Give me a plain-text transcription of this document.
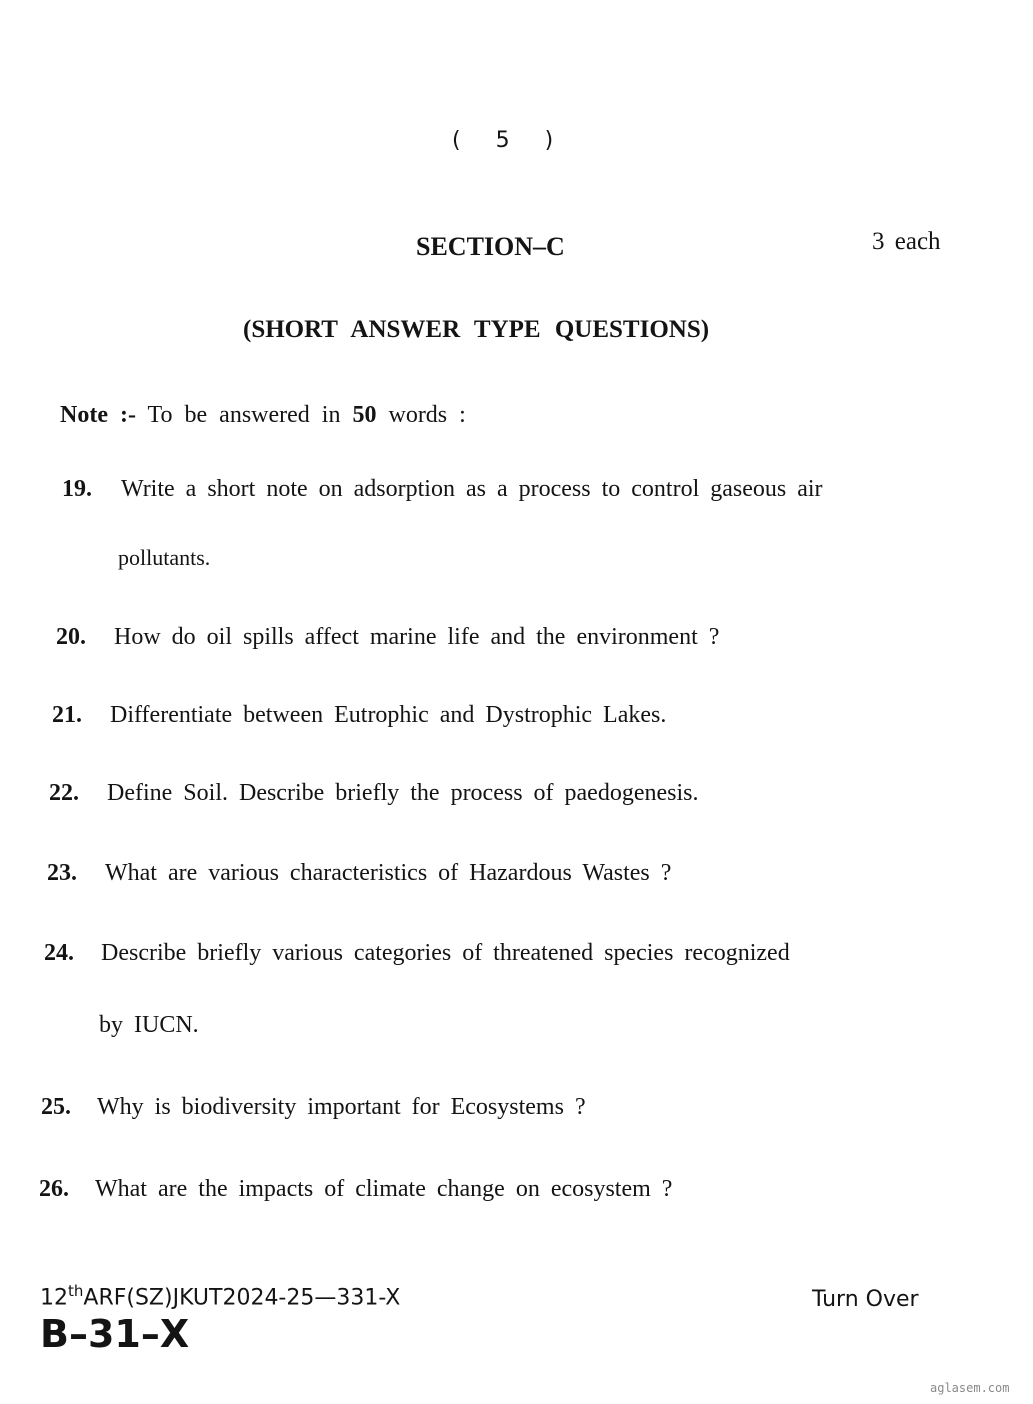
( 5 )
SECTION–C	3 each
(SHORT ANSWER TYPE QUESTIONS)
Note :- To be answered in 50 words :
19. Write a short note on adsorption as a process to control gaseous air
pollutants.
20. How do oil spills affect marine life and the environment ?
21. Differentiate between Eutrophic and Dystrophic Lakes.
22. Define Soil. Describe briefly the process of paedogenesis.
23. What are various characteristics of Hazardous Wastes ?
24. Describe briefly various categories of threatened species recognized
by IUCN.
25. Why is biodiversity important for Ecosystems ?
26. What are the impacts of climate change on ecosystem ?
12thARF(SZ)JKUT2024-25—331-X
B–31–X
Turn Over
aglasem.com
